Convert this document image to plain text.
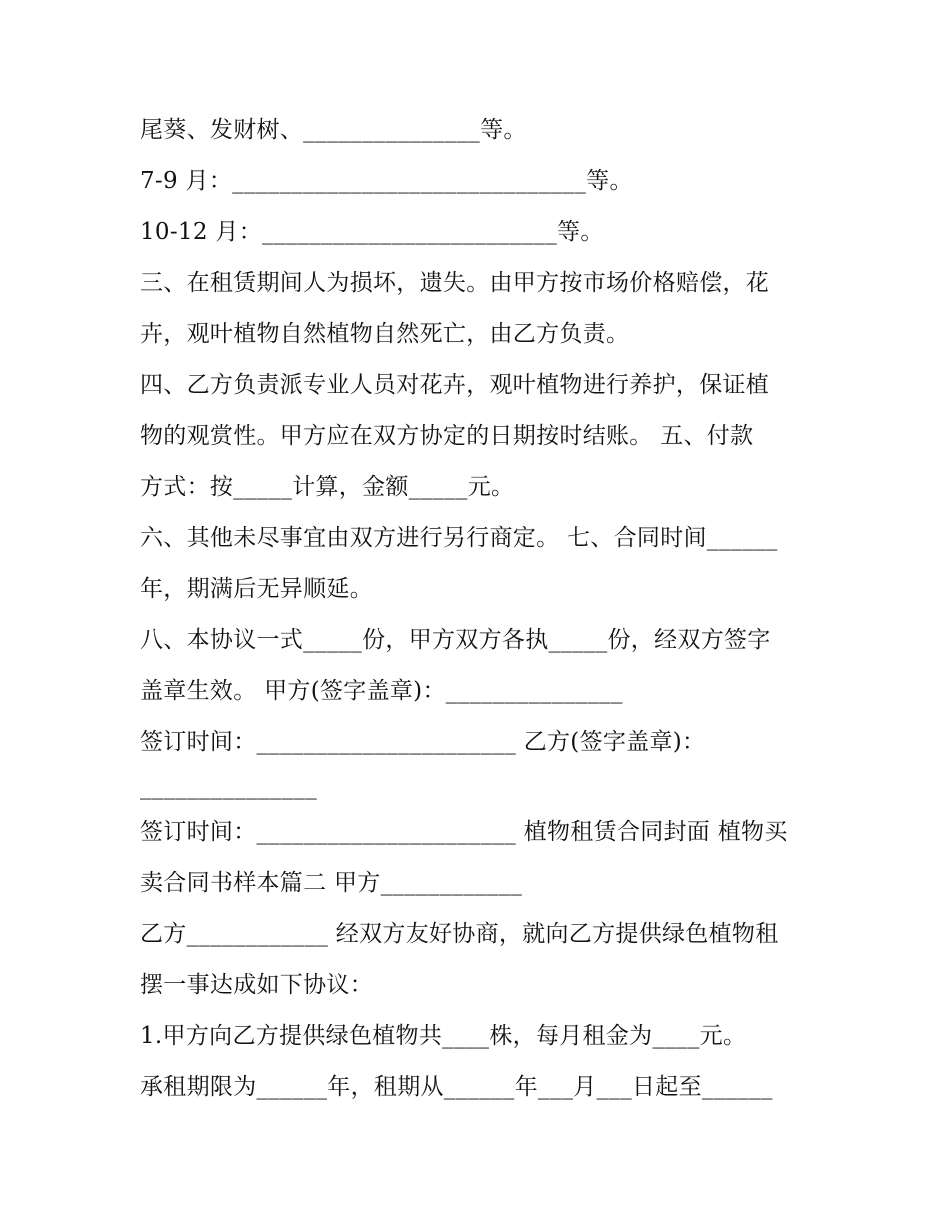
尾葵、发财树、_______________等。
7-9 月：______________________________等。
10-12 月：_________________________等。
三、在租赁期间人为损坏，遗失。由甲方按市场价格赔偿，花
卉，观叶植物自然植物自然死亡，由乙方负责。
四、乙方负责派专业人员对花卉，观叶植物进行养护，保证植
物的观赏性。甲方应在双方协定的日期按时结账。 五、付款
方式：按_____计算，金额_____元。
六、其他未尽事宜由双方进行另行商定。 七、合同时间______
年，期满后无异顺延。
八、本协议一式_____份，甲方双方各执_____份，经双方签字
盖章生效。 甲方(签字盖章)：_______________
签订时间：______________________ 乙方(签字盖章)：
_______________
签订时间：______________________ 植物租赁合同封面 植物买
卖合同书样本篇二 甲方____________
乙方____________ 经双方友好协商，就向乙方提供绿色植物租
摆一事达成如下协议：
1.甲方向乙方提供绿色植物共____株，每月租金为____元。
承租期限为______年，租期从______年___月___日起至______
